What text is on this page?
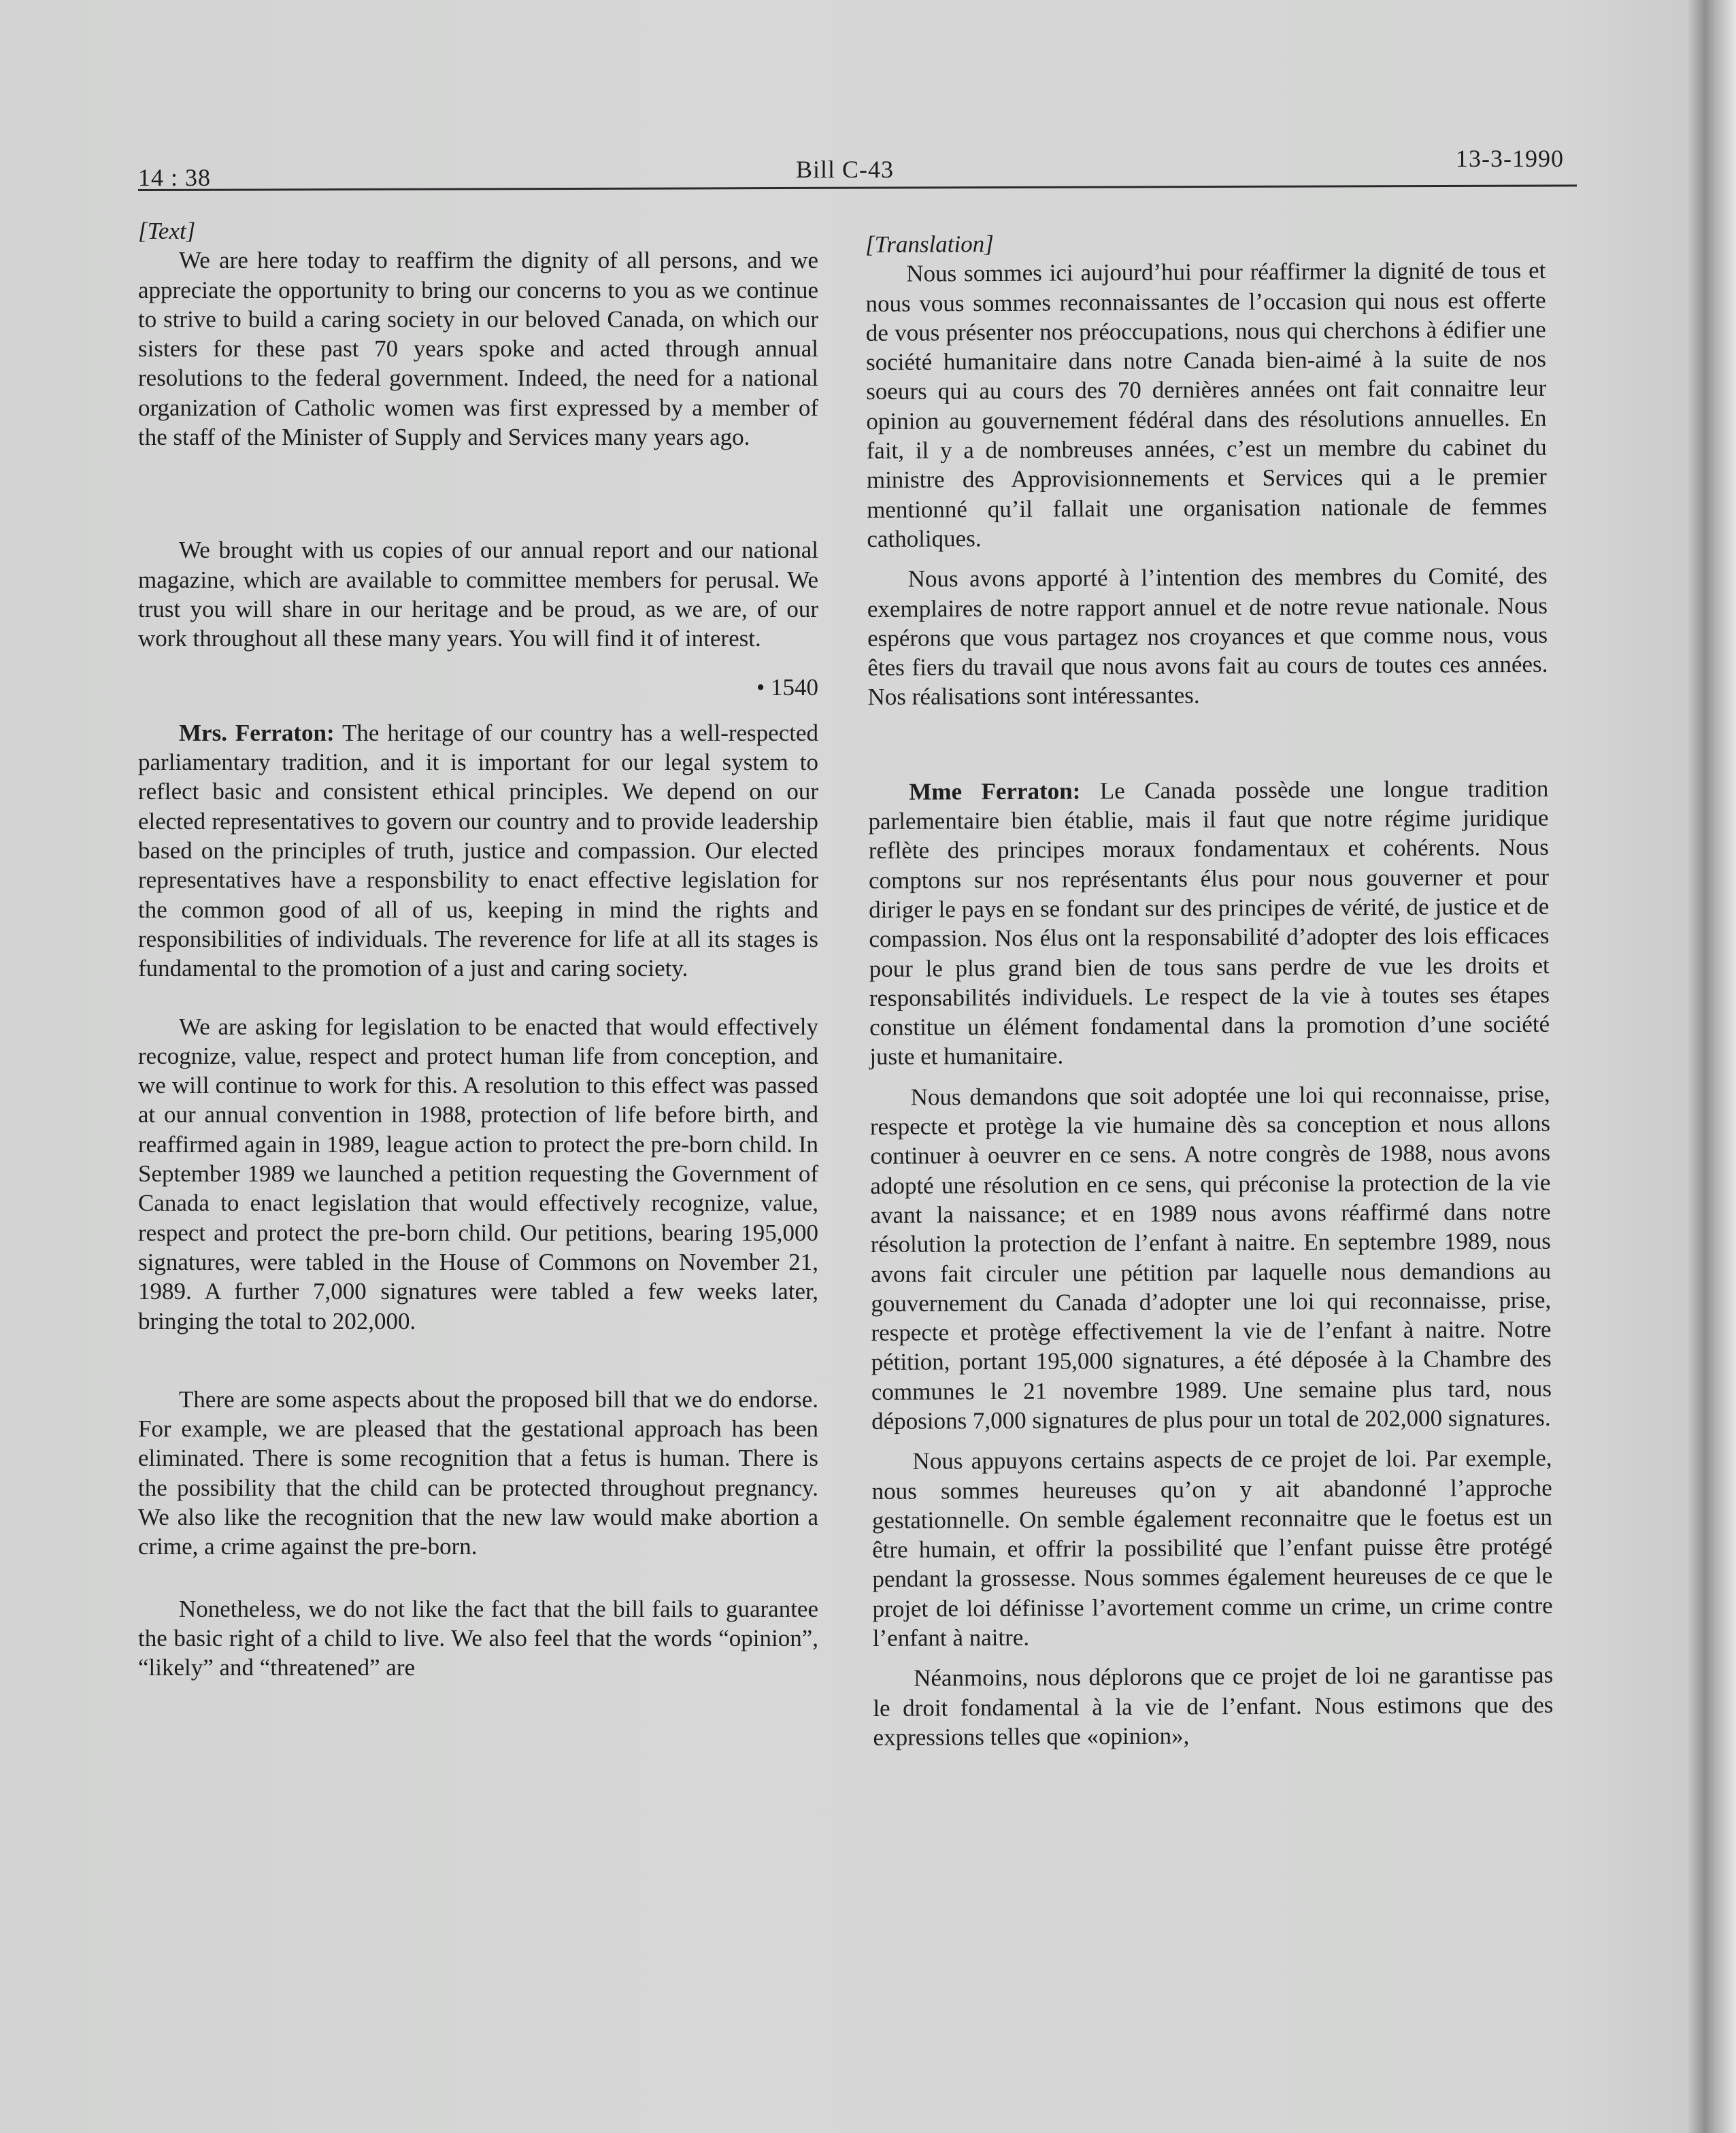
14 : 38	Bill C-43	13-3-1990

[Text]

We are here today to reaffirm the dignity of all persons, and we appreciate the opportunity to bring our concerns to you as we continue to strive to build a caring society in our beloved Canada, on which our sisters for these past 70 years spoke and acted through annual resolutions to the federal government. Indeed, the need for a national organization of Catholic women was first expressed by a member of the staff of the Minister of Supply and Services many years ago.

We brought with us copies of our annual report and our national magazine, which are available to committee members for perusal. We trust you will share in our heritage and be proud, as we are, of our work throughout all these many years. You will find it of interest.

• 1540

Mrs. Ferraton: The heritage of our country has a well-respected parliamentary tradition, and it is important for our legal system to reflect basic and consistent ethical principles. We depend on our elected representatives to govern our country and to provide leadership based on the principles of truth, justice and compassion. Our elected representatives have a responsbility to enact effective legislation for the common good of all of us, keeping in mind the rights and responsibilities of individuals. The reverence for life at all its stages is fundamental to the promotion of a just and caring society.

We are asking for legislation to be enacted that would effectively recognize, value, respect and protect human life from conception, and we will continue to work for this. A resolution to this effect was passed at our annual convention in 1988, protection of life before birth, and reaffirmed again in 1989, league action to protect the pre-born child. In September 1989 we launched a petition requesting the Government of Canada to enact legislation that would effectively recognize, value, respect and protect the pre-born child. Our petitions, bearing 195,000 signatures, were tabled in the House of Commons on November 21, 1989. A further 7,000 signatures were tabled a few weeks later, bringing the total to 202,000.

There are some aspects about the proposed bill that we do endorse. For example, we are pleased that the gestational approach has been eliminated. There is some recognition that a fetus is human. There is the possibility that the child can be protected throughout pregnancy. We also like the recognition that the new law would make abortion a crime, a crime against the pre-born.

Nonetheless, we do not like the fact that the bill fails to guarantee the basic right of a child to live. We also feel that the words “opinion”, “likely” and “threatened” are

[Translation]

Nous sommes ici aujourd’hui pour réaffirmer la dignité de tous et nous vous sommes reconnaissantes de l’occasion qui nous est offerte de vous présenter nos préoccupations, nous qui cherchons à édifier une société humanitaire dans notre Canada bien-aimé à la suite de nos soeurs qui au cours des 70 dernières années ont fait connaitre leur opinion au gouvernement fédéral dans des résolutions annuelles. En fait, il y a de nombreuses années, c’est un membre du cabinet du ministre des Approvisionnements et Services qui a le premier mentionné qu’il fallait une organisation nationale de femmes catholiques.

Nous avons apporté à l’intention des membres du Comité, des exemplaires de notre rapport annuel et de notre revue nationale. Nous espérons que vous partagez nos croyances et que comme nous, vous êtes fiers du travail que nous avons fait au cours de toutes ces années. Nos réalisations sont intéressantes.

Mme Ferraton: Le Canada possède une longue tradition parlementaire bien établie, mais il faut que notre régime juridique reflète des principes moraux fondamentaux et cohérents. Nous comptons sur nos représentants élus pour nous gouverner et pour diriger le pays en se fondant sur des principes de vérité, de justice et de compassion. Nos élus ont la responsabilité d’adopter des lois efficaces pour le plus grand bien de tous sans perdre de vue les droits et responsabilités individuels. Le respect de la vie à toutes ses étapes constitue un élément fondamental dans la promotion d’une société juste et humanitaire.

Nous demandons que soit adoptée une loi qui reconnaisse, prise, respecte et protège la vie humaine dès sa conception et nous allons continuer à oeuvrer en ce sens. A notre congrès de 1988, nous avons adopté une résolution en ce sens, qui préconise la protection de la vie avant la naissance; et en 1989 nous avons réaffirmé dans notre résolution la protection de l’enfant à naitre. En septembre 1989, nous avons fait circuler une pétition par laquelle nous demandions au gouvernement du Canada d’adopter une loi qui reconnaisse, prise, respecte et protège effectivement la vie de l’enfant à naitre. Notre pétition, portant 195,000 signatures, a été déposée à la Chambre des communes le 21 novembre 1989. Une semaine plus tard, nous déposions 7,000 signatures de plus pour un total de 202,000 signatures.

Nous appuyons certains aspects de ce projet de loi. Par exemple, nous sommes heureuses qu’on y ait abandonné l’approche gestationnelle. On semble également reconnaitre que le foetus est un être humain, et offrir la possibilité que l’enfant puisse être protégé pendant la grossesse. Nous sommes également heureuses de ce que le projet de loi définisse l’avortement comme un crime, un crime contre l’enfant à naitre.

Néanmoins, nous déplorons que ce projet de loi ne garantisse pas le droit fondamental à la vie de l’enfant. Nous estimons que des expressions telles que «opinion»,
